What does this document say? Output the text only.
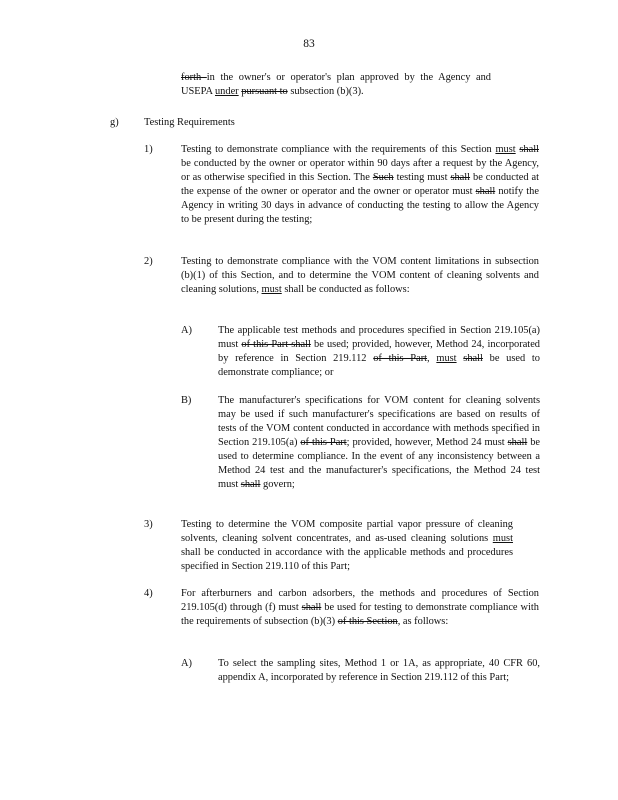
83

forth in the owner's or operator's plan approved by the Agency and USEPA under pursuant to subsection (b)(3).

g) Testing Requirements
1)	Testing to demonstrate compliance with the requirements of this Section must shall be conducted by the owner or operator within 90 days after a request by the Agency, or as otherwise specified in this Section. The Such testing must shall be conducted at the expense of the owner or operator and the owner or operator must shall notify the Agency in writing 30 days in advance of conducting the testing to allow the Agency to be present during the testing;

2)	Testing to demonstrate compliance with the VOM content limitations in subsection (b)(1) of this Section, and to determine the VOM content of cleaning solvents and cleaning solutions, must shall be conducted as follows:

A)	The applicable test methods and procedures specified in Section 219.105(a) must of this Part shall be used; provided, however, Method 24, incorporated by reference in Section 219.112 of this Part, must shall be used to demonstrate compliance; or

B)	The manufacturer's specifications for VOM content for cleaning solvents may be used if such manufacturer's specifications are based on results of tests of the VOM content conducted in accordance with methods specified in Section 219.105(a) of this Part; provided, however, Method 24 must shall be used to determine compliance. In the event of any inconsistency between a Method 24 test and the manufacturer's specifications, the Method 24 test must shall govern;

3)	Testing to determine the VOM composite partial vapor pressure of cleaning solvents, cleaning solvent concentrates, and as-used cleaning solutions must shall be conducted in accordance with the applicable methods and procedures specified in Section 219.110 of this Part;

4)	For afterburners and carbon adsorbers, the methods and procedures of Section 219.105(d) through (f) must shall be used for testing to demonstrate compliance with the requirements of subsection (b)(3) of this Section, as follows:

A)	To select the sampling sites, Method 1 or 1A, as appropriate, 40 CFR 60, appendix A, incorporated by reference in Section 219.112 of this Part;
